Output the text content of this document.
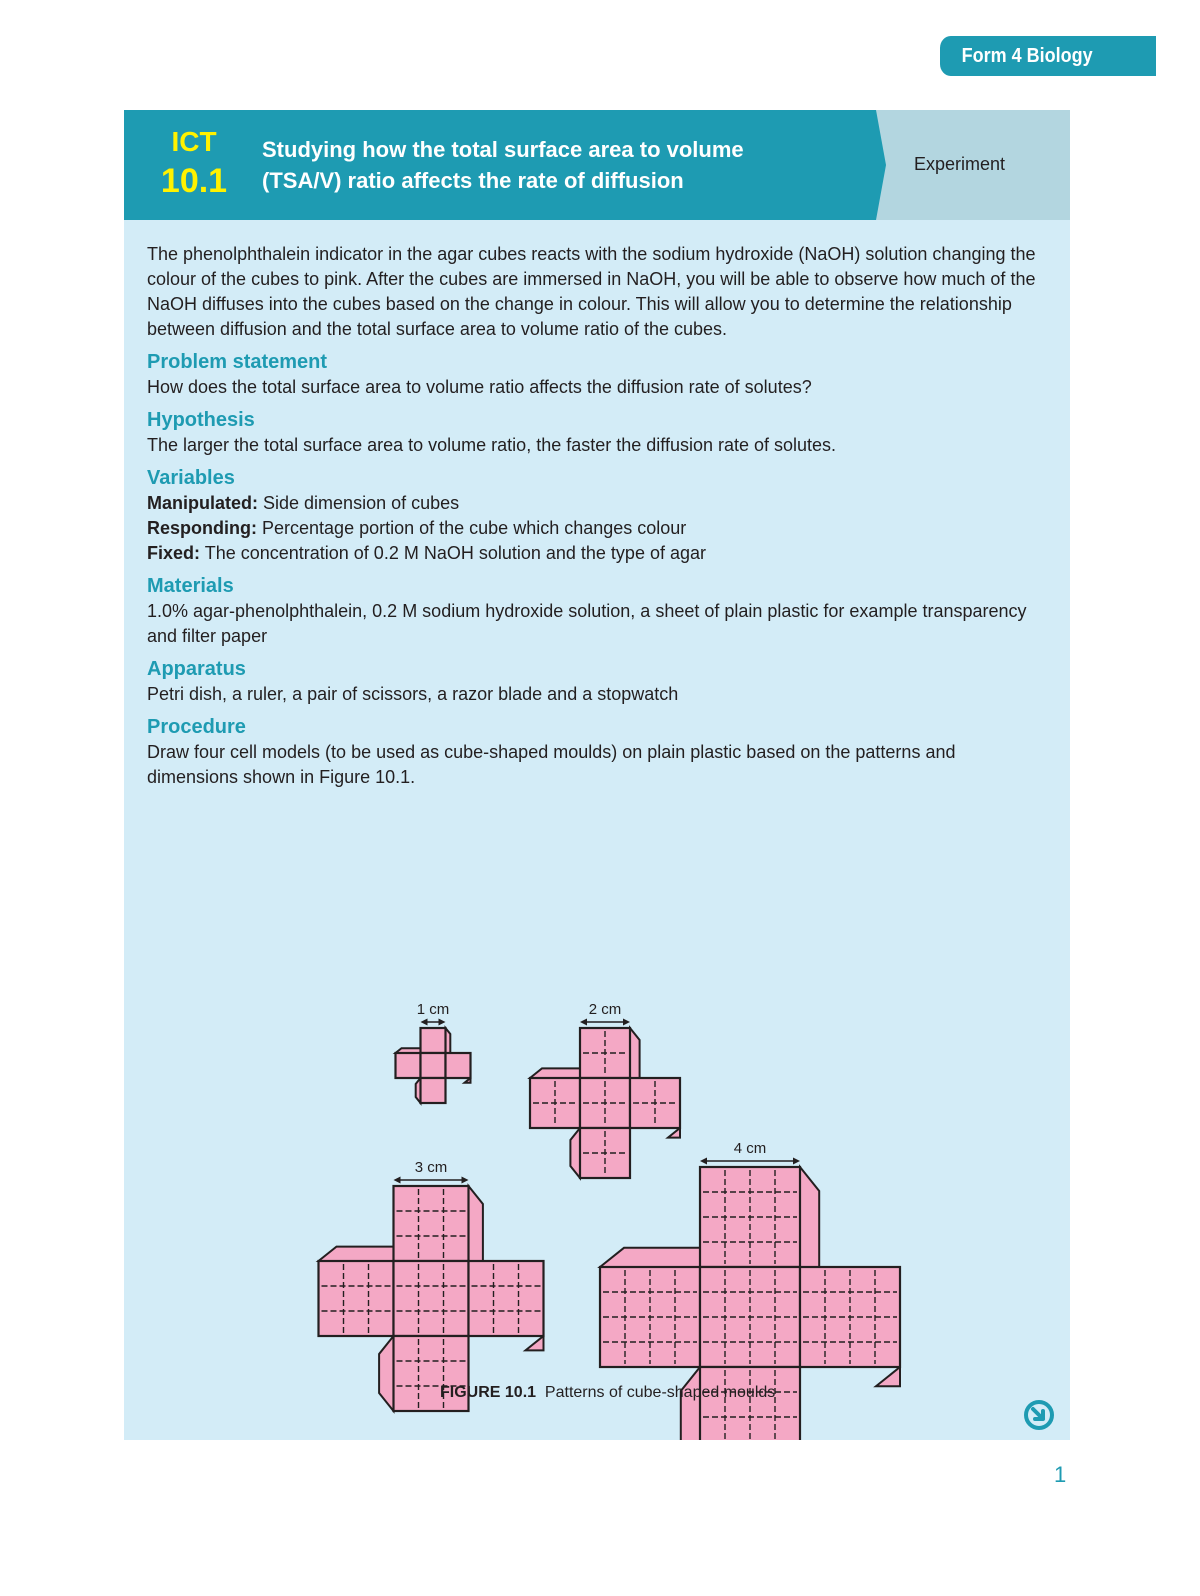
Form 4 Biology
Experiment
ICT
10.1
Studying how the total surface area to volume (TSA/V) ratio affects the rate of diffusion

The phenolphthalein indicator in the agar cubes reacts with the sodium hydroxide (NaOH) solution changing the colour of the cubes to pink. After the cubes are immersed in NaOH, you will be able to observe how much of the NaOH diffuses into the cubes based on the change in colour. This will allow you to determine the relationship between diffusion and the total surface area to volume ratio of the cubes.

Problem statement

How does the total surface area to volume ratio affects the diffusion rate of solutes?

Hypothesis

The larger the total surface area to volume ratio, the faster the diffusion rate of solutes.

Variables

Manipulated: Side dimension of cubes

Responding: Percentage portion of the cube which changes colour

Fixed: The concentration of 0.2 M NaOH solution and the type of agar

Materials

1.0% agar-phenolphthalein, 0.2 M sodium hydroxide solution, a sheet of plain plastic for example transparency and filter paper

Apparatus

Petri dish, a ruler, a pair of scissors, a razor blade and a stopwatch

Procedure

Draw four cell models (to be used as cube-shaped moulds) on plain plastic based on the patterns and dimensions shown in Figure 10.1.

1 cm	2 cm
3 cm
4 cm
FIGURE 10.1 Patterns of cube-shaped moulds
1
